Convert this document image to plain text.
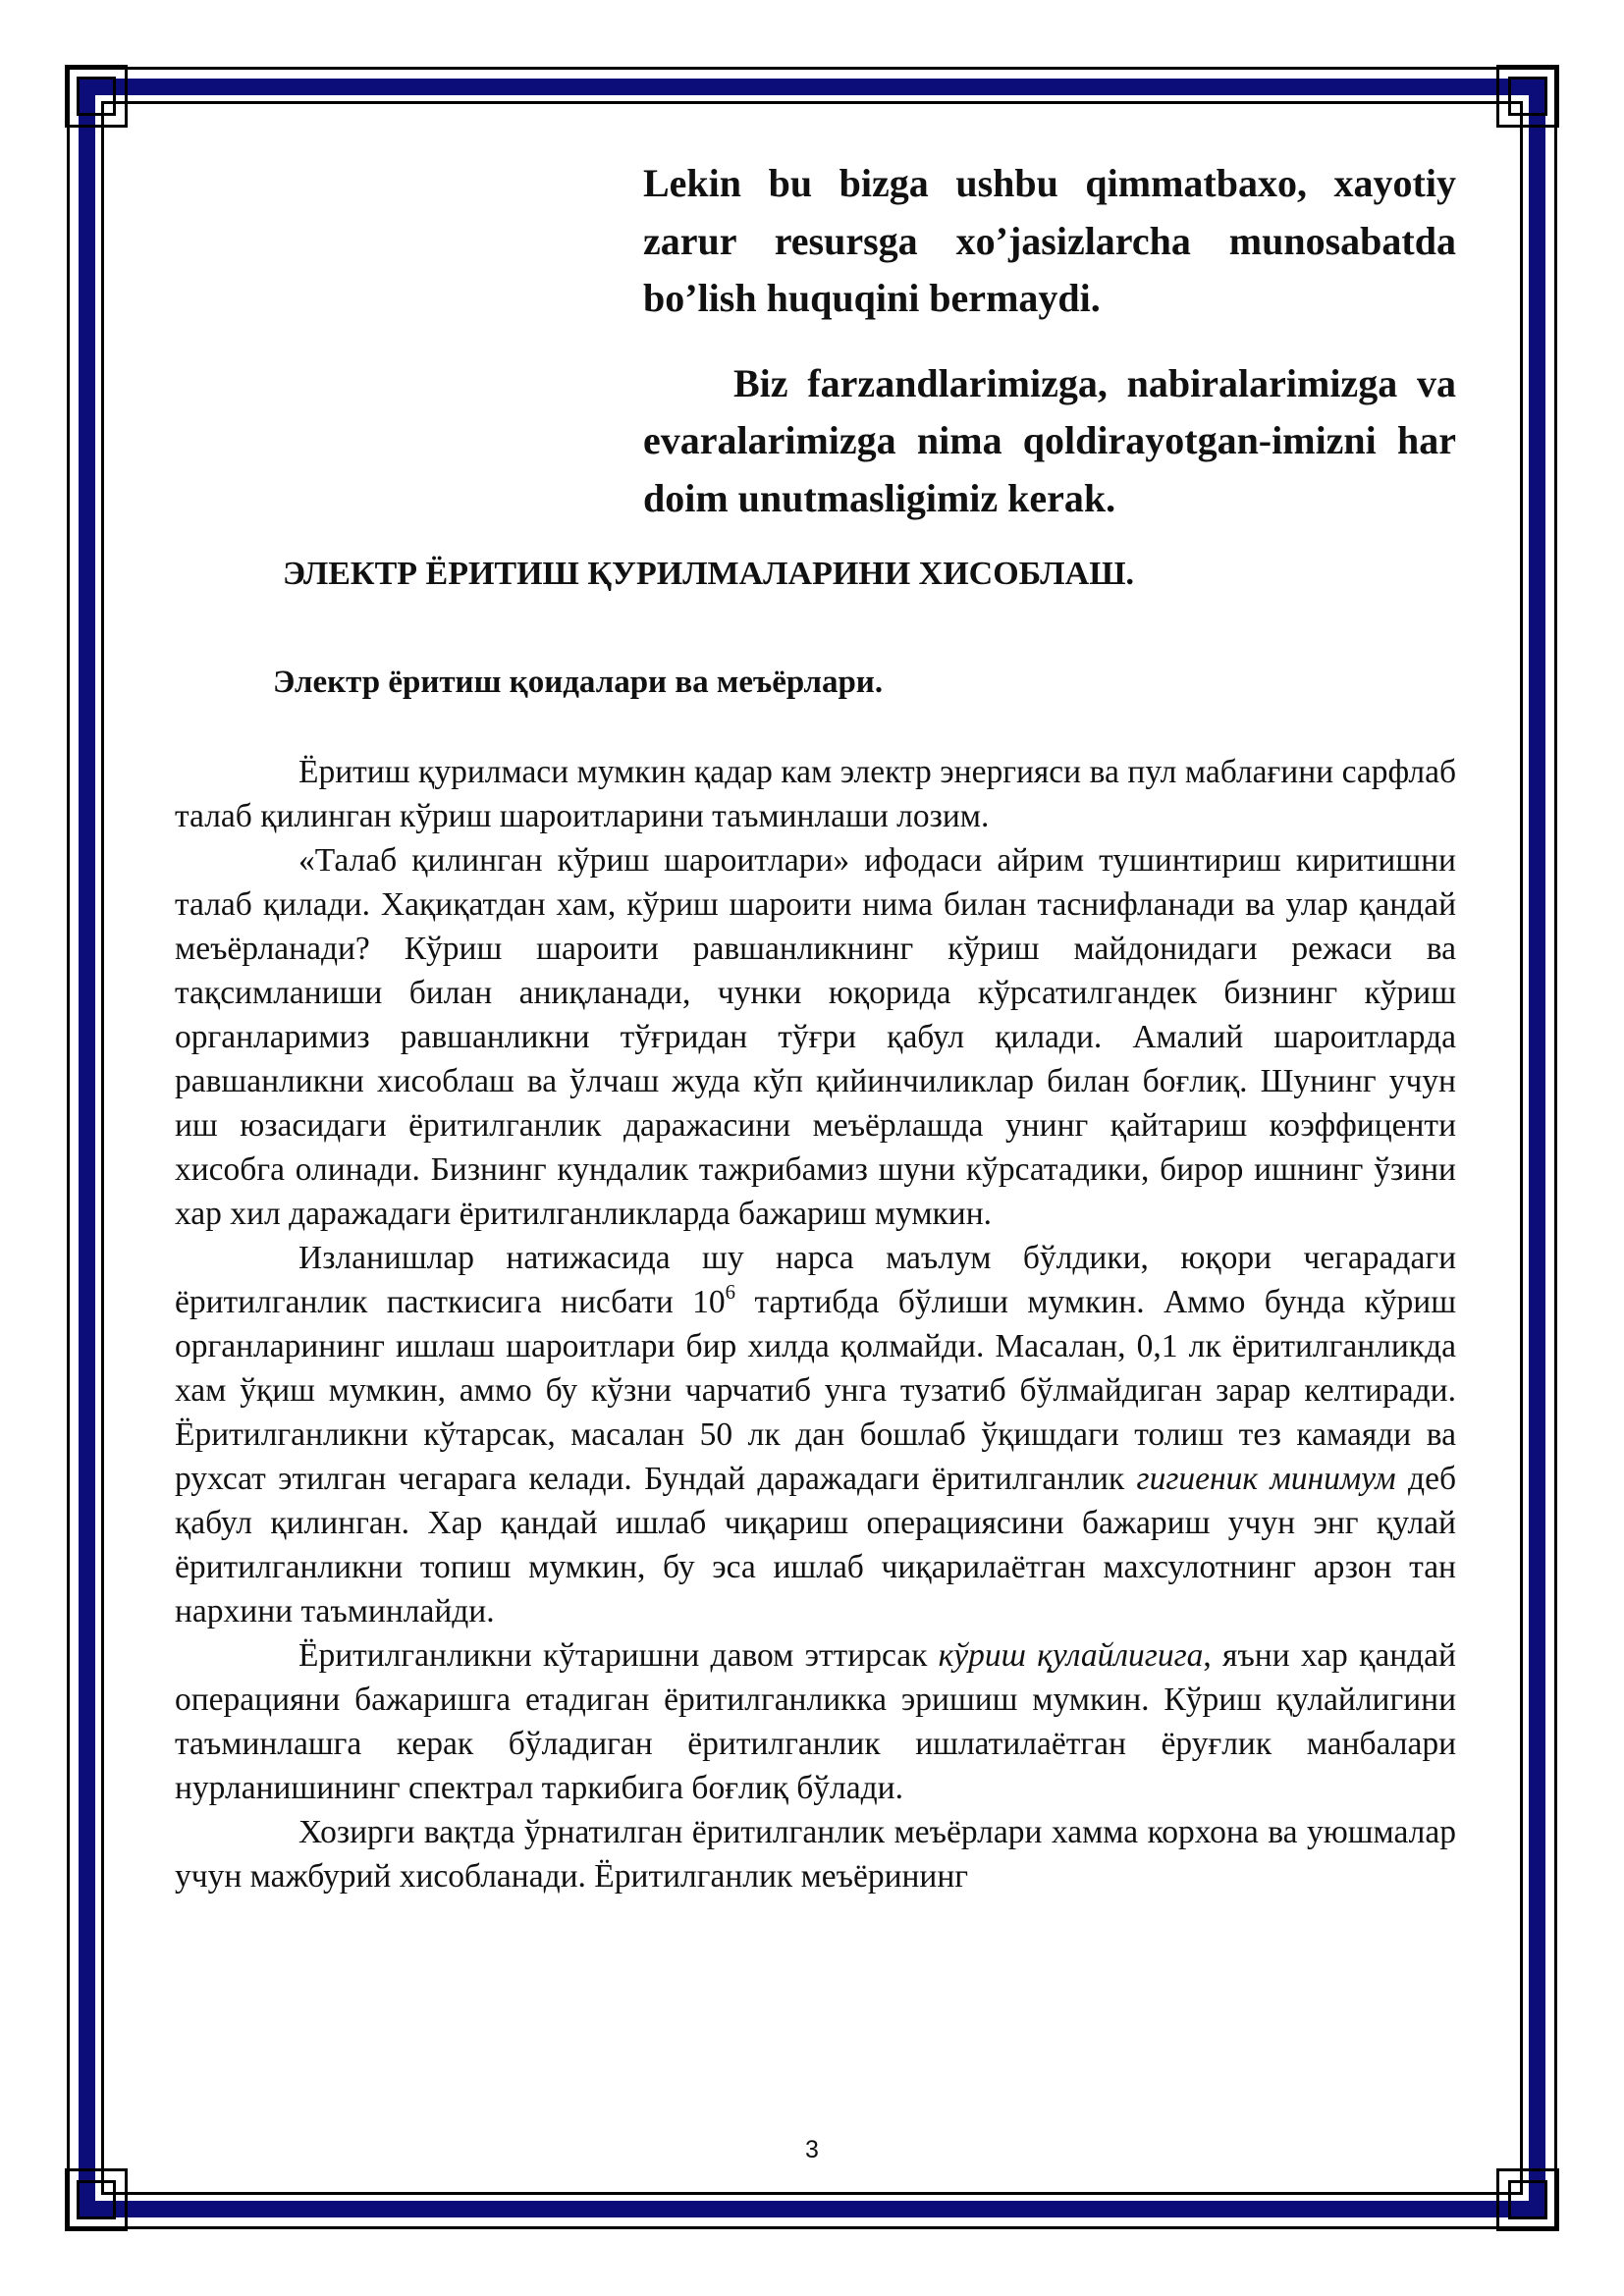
Lekin bu bizga ushbu qimmatbaxo, xayotiy zarur resursga xo’jasizlarcha munosabatda bo’lish huquqini bermaydi.

Biz farzandlarimizga, nabiralarimizga va evaralarimizga nima qoldirayotgan-imizni har doim unutmasligimiz kerak.

ЭЛЕКТР ЁРИТИШ ҚУРИЛМАЛАРИНИ ХИСОБЛАШ.
Электр ёритиш қоидалари ва меъёрлари.

Ёритиш қурилмаси мумкин қадар кам электр энергияси ва пул маблағини сарфлаб талаб қилинган кўриш шароитларини таъминлаши лозим.

«Талаб қилинган кўриш шароитлари» ифодаси айрим тушинтириш киритишни талаб қилади. Хақиқатдан хам, кўриш шароити нима билан таснифланади ва улар қандай меъёрланади? Кўриш шароити равшанликнинг кўриш майдонидаги режаси ва тақсимланиши билан аниқланади, чунки юқорида кўрсатилгандек бизнинг кўриш органларимиз равшанликни тўғридан тўғри қабул қилади. Амалий шароитларда равшанликни хисоблаш ва ўлчаш жуда кўп қийинчиликлар билан боғлиқ. Шунинг учун иш юзасидаги ёритилганлик даражасини меъёрлашда унинг қайтариш коэффиценти хисобга олинади. Бизнинг кундалик тажрибамиз шуни кўрсатадики, бирор ишнинг ўзини хар хил даражадаги ёритилганликларда бажариш мумкин.

Изланишлар натижасида шу нарса маълум бўлдики, юқори чегарадаги ёритилганлик пасткисига нисбати $10^6$ тартибда бўлиши мумкин. Аммо бунда кўриш органларининг ишлаш шароитлари бир хилда қолмайди. Масалан, 0,1 лк ёритилганликда хам ўқиш мумкин, аммо бу кўзни чарчатиб унга тузатиб бўлмайдиган зарар келтиради. Ёритилганликни кўтарсак, масалан 50 лк дан бошлаб ўқишдаги толиш тез камаяди ва рухсат этилган чегарага келади. Бундай даражадаги ёритилганлик гигиеник минимум деб қабул қилинган. Хар қандай ишлаб чиқариш операциясини бажариш учун энг қулай ёритилганликни топиш мумкин, бу эса ишлаб чиқарилаётган махсулотнинг арзон тан нархини таъминлайди.

Ёритилганликни кўтаришни давом эттирсак кўриш қулайлигига, яъни хар қандай операцияни бажаришга етадиган ёритилганликка эришиш мумкин. Кўриш қулайлигини таъминлашга керак бўладиган ёритилганлик ишлатилаётган ёруғлик манбалари нурланишининг спектрал таркибига боғлиқ бўлади.

Хозирги вақтда ўрнатилган ёритилганлик меъёрлари хамма корхона ва уюшмалар учун мажбурий хисобланади. Ёритилганлик меъёрининг

3
